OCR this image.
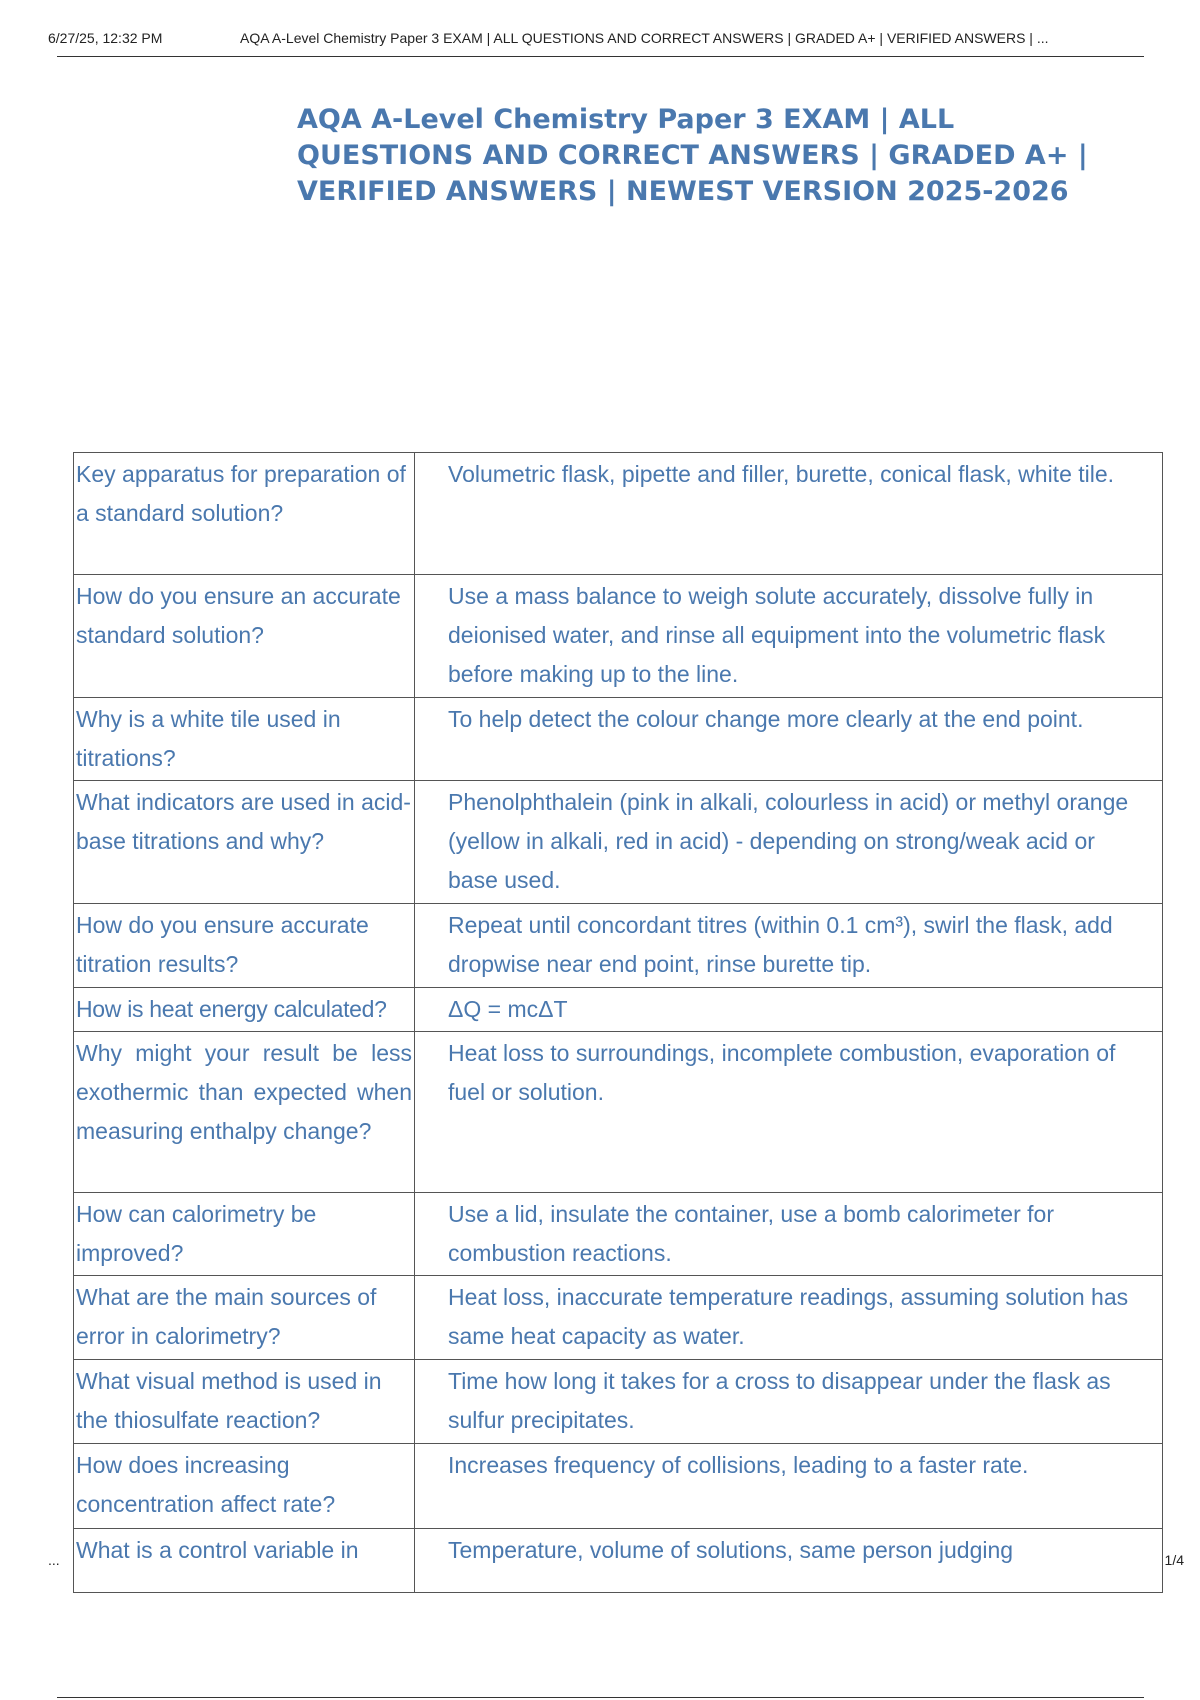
6/27/25, 12:32 PM	AQA A-Level Chemistry Paper 3 EXAM | ALL QUESTIONS AND CORRECT ANSWERS | GRADED A+ | VERIFIED ANSWERS | ...
AQA A-Level Chemistry Paper 3 EXAM | ALL QUESTIONS AND CORRECT ANSWERS | GRADED A+ | VERIFIED ANSWERS | NEWEST VERSION 2025-2026
Key apparatus for preparation of a standard solution?	Volumetric flask, pipette and filler, burette, conical flask, white tile.
How do you ensure an accurate standard solution?	Use a mass balance to weigh solute accurately, dissolve fully in deionised water, and rinse all equipment into the volumetric flask before making up to the line.
Why is a white tile used in titrations?	To help detect the colour change more clearly at the end point.
What indicators are used in acid-base titrations and why?	Phenolphthalein (pink in alkali, colourless in acid) or methyl orange (yellow in alkali, red in acid) - depending on strong/weak acid or base used.
How do you ensure accurate titration results?	Repeat until concordant titres (within 0.1 cm³), swirl the flask, add dropwise near end point, rinse burette tip.
How is heat energy calculated?	ΔQ = mcΔT
Why might your result be less exothermic than expected when measuring enthalpy change?	Heat loss to surroundings, incomplete combustion, evaporation of fuel or solution.
How can calorimetry be improved?	Use a lid, insulate the container, use a bomb calorimeter for combustion reactions.
What are the main sources of error in calorimetry?	Heat loss, inaccurate temperature readings, assuming solution has same heat capacity as water.
What visual method is used in the thiosulfate reaction?	Time how long it takes for a cross to disappear under the flask as sulfur precipitates.
How does increasing concentration affect rate?	Increases frequency of collisions, leading to a faster rate.
What is a control variable in	Temperature, volume of solutions, same person judging
...	1/4
